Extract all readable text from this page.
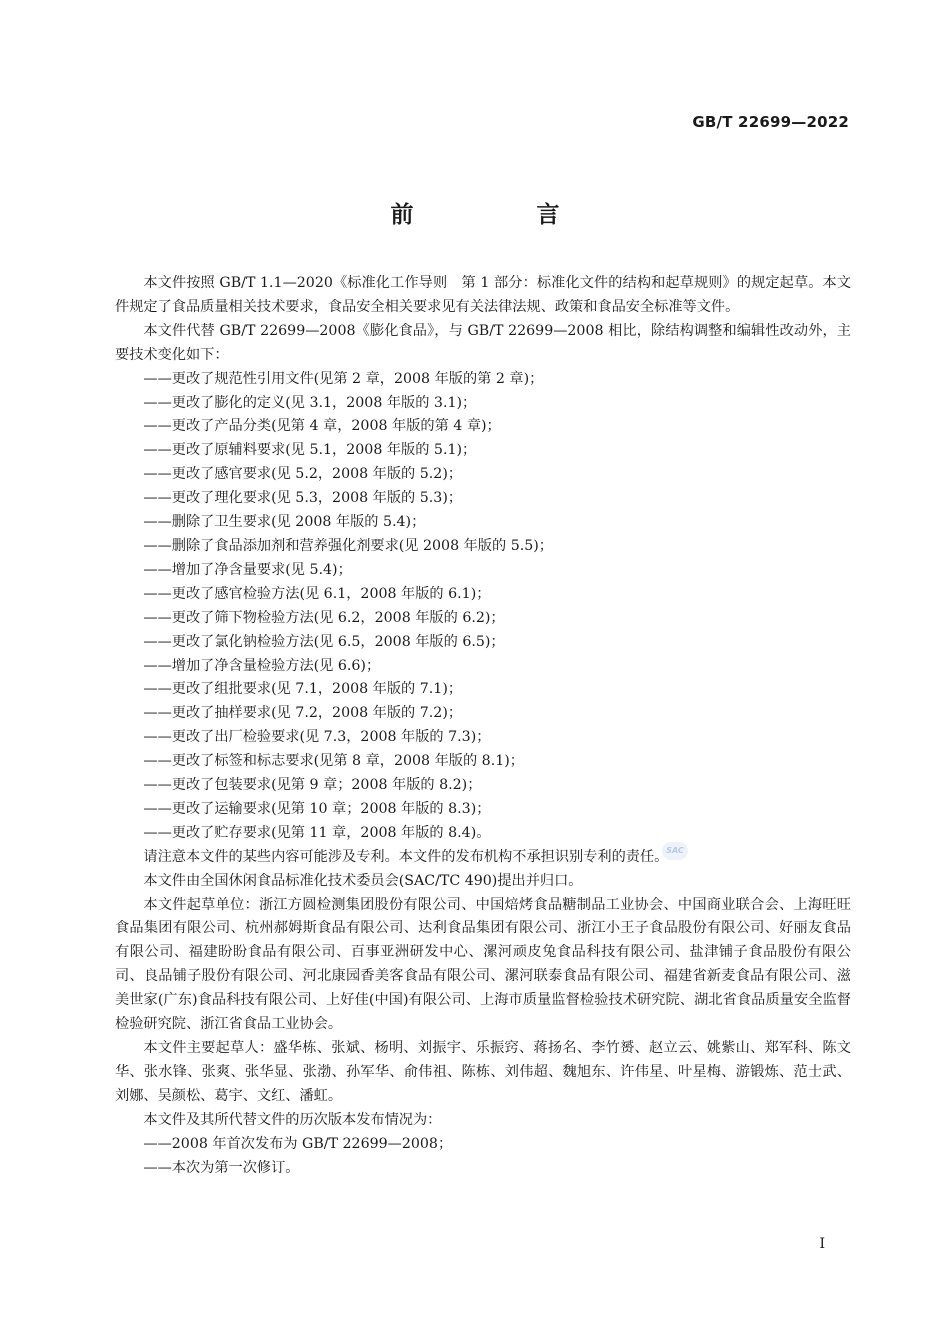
GB/T 22699—2022
前　言
SAC

本文件按照 GB/T 1.1—2020《标准化工作导则　第 1 部分：标准化文件的结构和起草规则》的规定起草。本文件规定了食品质量相关技术要求，食品安全相关要求见有关法律法规、政策和食品安全标准等文件。

本文件代替 GB/T 22699—2008《膨化食品》，与 GB/T 22699—2008 相比，除结构调整和编辑性改动外，主要技术变化如下：

——更改了规范性引用文件(见第 2 章，2008 年版的第 2 章)；

——更改了膨化的定义(见 3.1，2008 年版的 3.1)；

——更改了产品分类(见第 4 章，2008 年版的第 4 章)；

——更改了原辅料要求(见 5.1，2008 年版的 5.1)；

——更改了感官要求(见 5.2，2008 年版的 5.2)；

——更改了理化要求(见 5.3，2008 年版的 5.3)；

——删除了卫生要求(见 2008 年版的 5.4)；

——删除了食品添加剂和营养强化剂要求(见 2008 年版的 5.5)；

——增加了净含量要求(见 5.4)；

——更改了感官检验方法(见 6.1，2008 年版的 6.1)；

——更改了筛下物检验方法(见 6.2，2008 年版的 6.2)；

——更改了氯化钠检验方法(见 6.5，2008 年版的 6.5)；

——增加了净含量检验方法(见 6.6)；

——更改了组批要求(见 7.1，2008 年版的 7.1)；

——更改了抽样要求(见 7.2，2008 年版的 7.2)；

——更改了出厂检验要求(见 7.3，2008 年版的 7.3)；

——更改了标签和标志要求(见第 8 章，2008 年版的 8.1)；

——更改了包装要求(见第 9 章；2008 年版的 8.2)；

——更改了运输要求(见第 10 章；2008 年版的 8.3)；

——更改了贮存要求(见第 11 章，2008 年版的 8.4)。

请注意本文件的某些内容可能涉及专利。本文件的发布机构不承担识别专利的责任。

本文件由全国休闲食品标准化技术委员会(SAC/TC 490)提出并归口。

本文件起草单位：浙江方圆检测集团股份有限公司、中国焙烤食品糖制品工业协会、中国商业联合会、上海旺旺食品集团有限公司、杭州郝姆斯食品有限公司、达利食品集团有限公司、浙江小王子食品股份有限公司、好丽友食品有限公司、福建盼盼食品有限公司、百事亚洲研发中心、漯河顽皮兔食品科技有限公司、盐津铺子食品股份有限公司、良品铺子股份有限公司、河北康园香美客食品有限公司、漯河联泰食品有限公司、福建省新麦食品有限公司、滋美世家(广东)食品科技有限公司、上好佳(中国)有限公司、上海市质量监督检验技术研究院、湖北省食品质量安全监督检验研究院、浙江省食品工业协会。

本文件主要起草人：盛华栋、张斌、杨明、刘振宇、乐振窍、蒋扬名、李竹赟、赵立云、姚紫山、郑军科、陈文华、张水锋、张爽、张华显、张渤、孙军华、俞伟祖、陈栋、刘伟超、魏旭东、许伟星、叶星梅、游锻炼、范士武、刘娜、吴颜松、葛宇、文红、潘虹。

本文件及其所代替文件的历次版本发布情况为：

——2008 年首次发布为 GB/T 22699—2008；

——本次为第一次修订。

Ⅰ
